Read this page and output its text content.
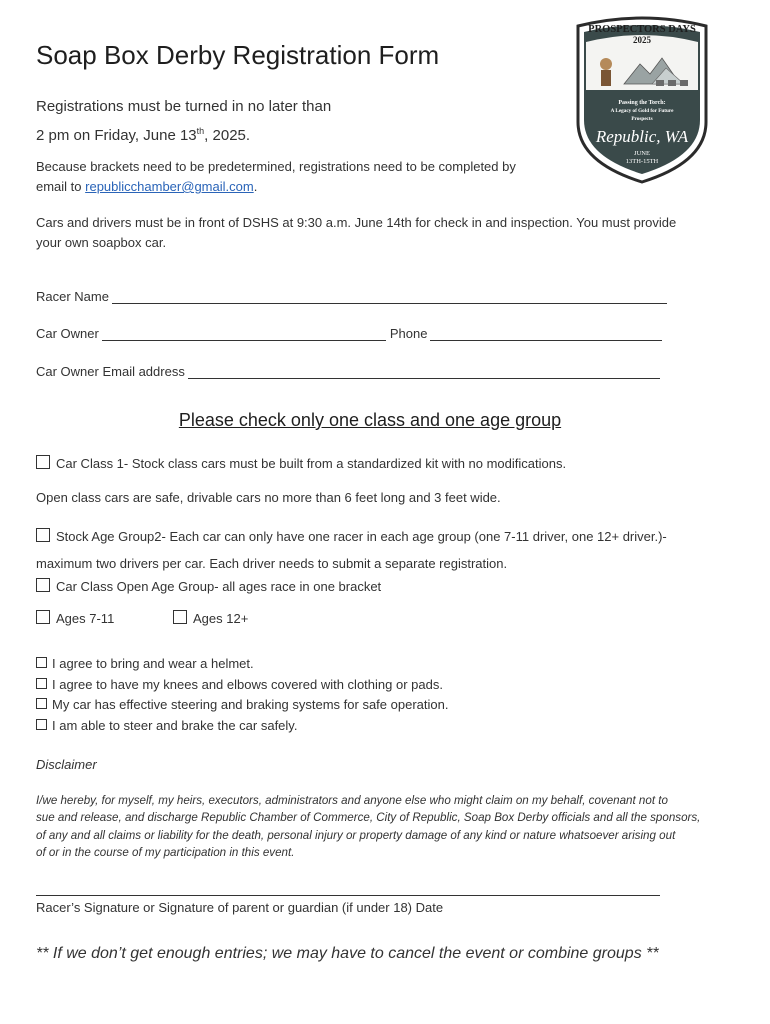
Soap Box Derby Registration Form
Registrations must be turned in no later than
2 pm on Friday, June 13th, 2025.
PROSPECTORS DAYS
2025
Passing the Torch:
A Legacy of Gold for Future
Prospects
Republic, WA
JUNE
13TH-15TH
Because brackets need to be predetermined, registrations need to be completed by
email to republicchamber@gmail.com.
Cars and drivers must be in front of DSHS at 9:30 a.m. June 14th for check in and inspection. You must provide
your own soapbox car.
Racer Name
Car Owner	Phone
Car Owner Email address
Please check only one class and one age group
Car Class 1- Stock class cars must be built from a standardized kit with no modifications.
Open class cars are safe, drivable cars no more than 6 feet long and 3 feet wide.
Stock Age Group2- Each car can only have one racer in each age group (one 7-11 driver, one 12+ driver.)-
maximum two drivers per car. Each driver needs to submit a separate registration.
Car Class Open Age Group- all ages race in one bracket
Ages 7-11	Ages 12+
I agree to bring and wear a helmet.
I agree to have my knees and elbows covered with clothing or pads.
My car has effective steering and braking systems for safe operation.
I am able to steer and brake the car safely.
Disclaimer
I/we hereby, for myself, my heirs, executors, administrators and anyone else who might claim on my behalf, covenant not to
sue and release, and discharge Republic Chamber of Commerce, City of Republic, Soap Box Derby officials and all the sponsors,
of any and all claims or liability for the death, personal injury or property damage of any kind or nature whatsoever arising out
of or in the course of my participation in this event.
Racer’s Signature or Signature of parent or guardian (if under 18) Date
** If we don’t get enough entries; we may have to cancel the event or combine groups **
